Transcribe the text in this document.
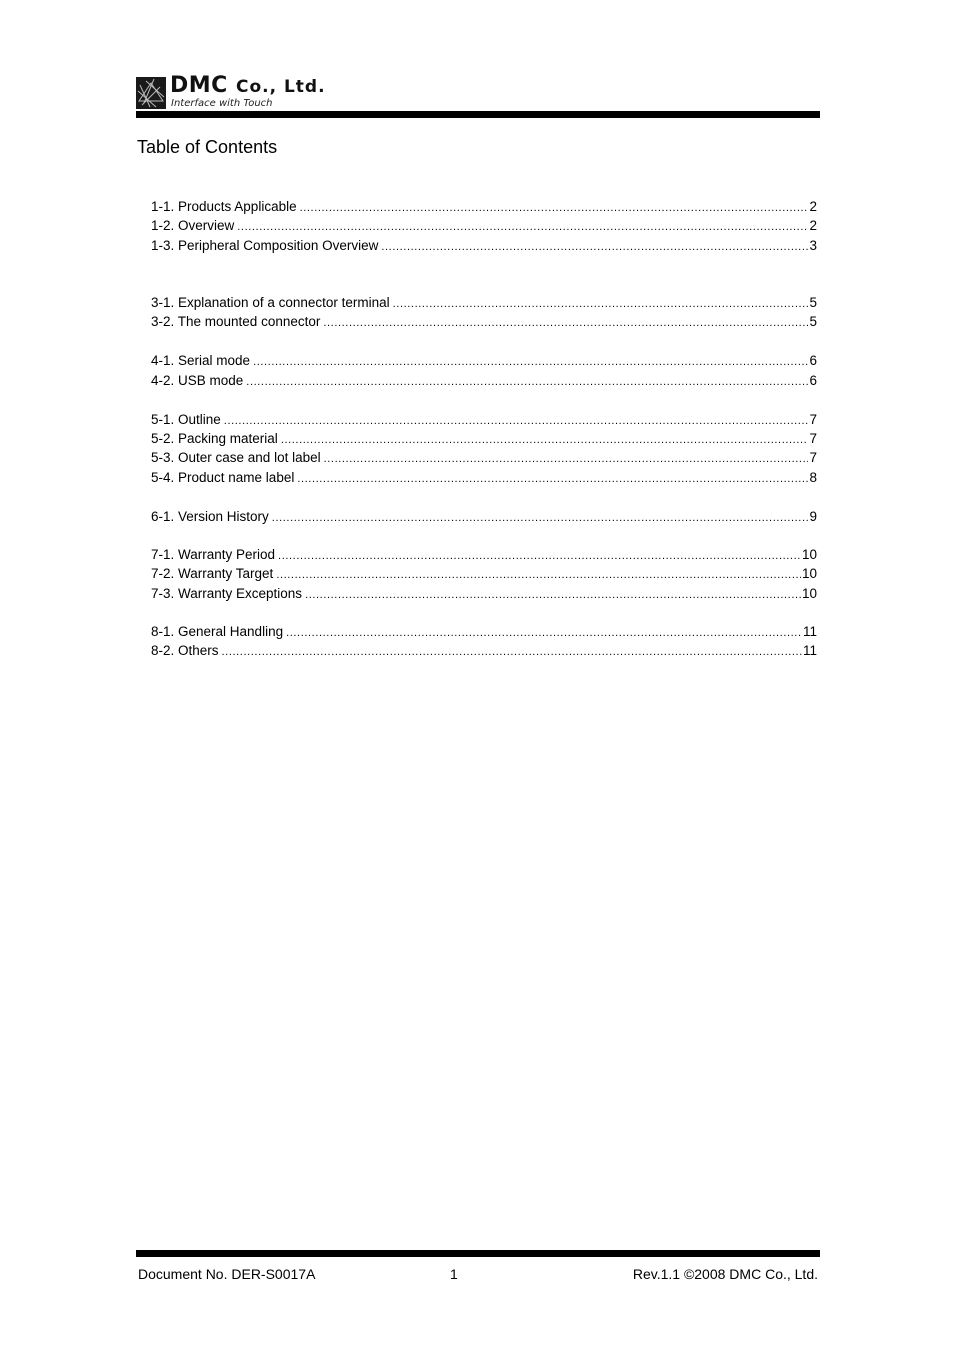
DMC Co., Ltd.
Interface with Touch
Table of Contents
1-1. Products Applicable .....	2
1-2. Overview .....	2
1-3. Peripheral Composition Overview .....	3
3-1. Explanation of a connector terminal .....	5
3-2. The mounted connector .....	5
4-1. Serial mode .....	6
4-2. USB mode .....	6
5-1. Outline .....	7
5-2. Packing material .....	7
5-3. Outer case and lot label .....	7
5-4. Product name label .....	8
6-1. Version History .....	9
7-1. Warranty Period .....	10
7-2. Warranty Target .....	10
7-3. Warranty Exceptions .....	10
8-1. General Handling .....	11
8-2. Others .....	11
Document No. DER-S0017A	1	Rev.1.1 ©2008 DMC Co., Ltd.
